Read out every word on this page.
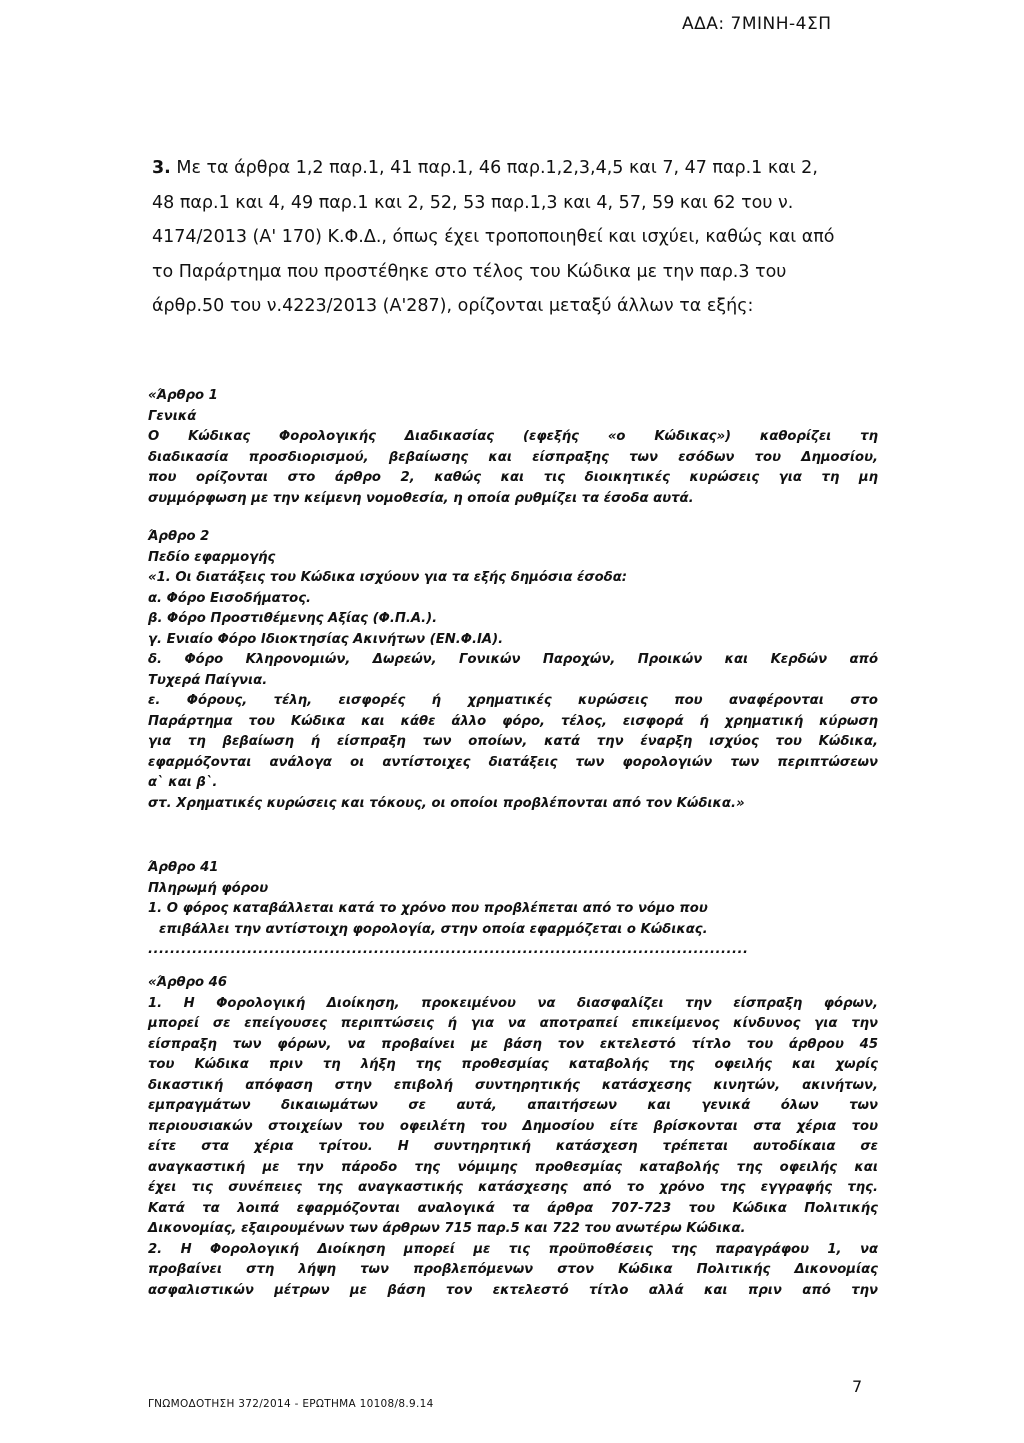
ΑΔΑ: 7ΜΙΝΗ-4ΣΠ
3. Με τα άρθρα 1,2 παρ.1, 41 παρ.1, 46 παρ.1,2,3,4,5 και 7, 47 παρ.1 και 2,
48 παρ.1 και 4, 49 παρ.1 και 2, 52, 53 παρ.1,3 και 4, 57, 59 και 62 του ν.
4174/2013 (Α' 170) Κ.Φ.Δ., όπως έχει τροποποιηθεί και ισχύει, καθώς και από
το Παράρτημα που προστέθηκε στο τέλος του Κώδικα με την παρ.3 του
άρθρ.50 του ν.4223/2013 (Α'287), ορίζονται μεταξύ άλλων τα εξής:
«Άρθρο 1
Γενικά
Ο Κώδικας Φορολογικής Διαδικασίας (εφεξής «ο Κώδικας») καθορίζει τη
διαδικασία προσδιορισμού, βεβαίωσης και είσπραξης των εσόδων του Δημοσίου,
που ορίζονται στο άρθρο 2, καθώς και τις διοικητικές κυρώσεις για τη μη
συμμόρφωση με την κείμενη νομοθεσία, η οποία ρυθμίζει τα έσοδα αυτά.
Άρθρο 2
Πεδίο εφαρμογής
«1. Οι διατάξεις του Κώδικα ισχύουν για τα εξής δημόσια έσοδα:
α. Φόρο Εισοδήματος.
β. Φόρο Προστιθέμενης Αξίας (Φ.Π.Α.).
γ. Ενιαίο Φόρο Ιδιοκτησίας Ακινήτων (ΕΝ.Φ.ΙΑ).
δ. Φόρο Κληρονομιών, Δωρεών, Γονικών Παροχών, Προικών και Κερδών από
Τυχερά Παίγνια.
ε. Φόρους, τέλη, εισφορές ή χρηματικές κυρώσεις που αναφέρονται στο
Παράρτημα του Κώδικα και κάθε άλλο φόρο, τέλος, εισφορά ή χρηματική κύρωση
για τη βεβαίωση ή είσπραξη των οποίων, κατά την έναρξη ισχύος του Κώδικα,
εφαρμόζονται ανάλογα οι αντίστοιχες διατάξεις των φορολογιών των περιπτώσεων
α` και β`.
στ. Χρηματικές κυρώσεις και τόκους, οι οποίοι προβλέπονται από τον Κώδικα.»
Άρθρο 41
Πληρωμή φόρου
1. Ο φόρος καταβάλλεται κατά το χρόνο που προβλέπεται από το νόμο που
επιβάλλει την αντίστοιχη φορολογία, στην οποία εφαρμόζεται ο Κώδικας.
.............................................................................................................
«Άρθρο 46
1. Η Φορολογική Διοίκηση, προκειμένου να διασφαλίζει την είσπραξη φόρων,
μπορεί σε επείγουσες περιπτώσεις ή για να αποτραπεί επικείμενος κίνδυνος για την
είσπραξη των φόρων, να προβαίνει με βάση τον εκτελεστό τίτλο του άρθρου 45
του Κώδικα πριν τη λήξη της προθεσμίας καταβολής της οφειλής και χωρίς
δικαστική απόφαση στην επιβολή συντηρητικής κατάσχεσης κινητών, ακινήτων,
εμπραγμάτων δικαιωμάτων σε αυτά, απαιτήσεων και γενικά όλων των
περιουσιακών στοιχείων του οφειλέτη του Δημοσίου είτε βρίσκονται στα χέρια του
είτε στα χέρια τρίτου. Η συντηρητική κατάσχεση τρέπεται αυτοδίκαια σε
αναγκαστική με την πάροδο της νόμιμης προθεσμίας καταβολής της οφειλής και
έχει τις συνέπειες της αναγκαστικής κατάσχεσης από το χρόνο της εγγραφής της.
Κατά τα λοιπά εφαρμόζονται αναλογικά τα άρθρα 707-723 του Κώδικα Πολιτικής
Δικονομίας, εξαιρουμένων των άρθρων 715 παρ.5 και 722 του ανωτέρω Κώδικα.
2. Η Φορολογική Διοίκηση μπορεί με τις προϋποθέσεις της παραγράφου 1, να
προβαίνει στη λήψη των προβλεπόμενων στον Κώδικα Πολιτικής Δικονομίας
ασφαλιστικών μέτρων με βάση τον εκτελεστό τίτλο αλλά και πριν από την
7
ΓΝΩΜΟΔΟΤΗΣΗ 372/2014 - ΕΡΩΤΗΜΑ 10108/8.9.14
